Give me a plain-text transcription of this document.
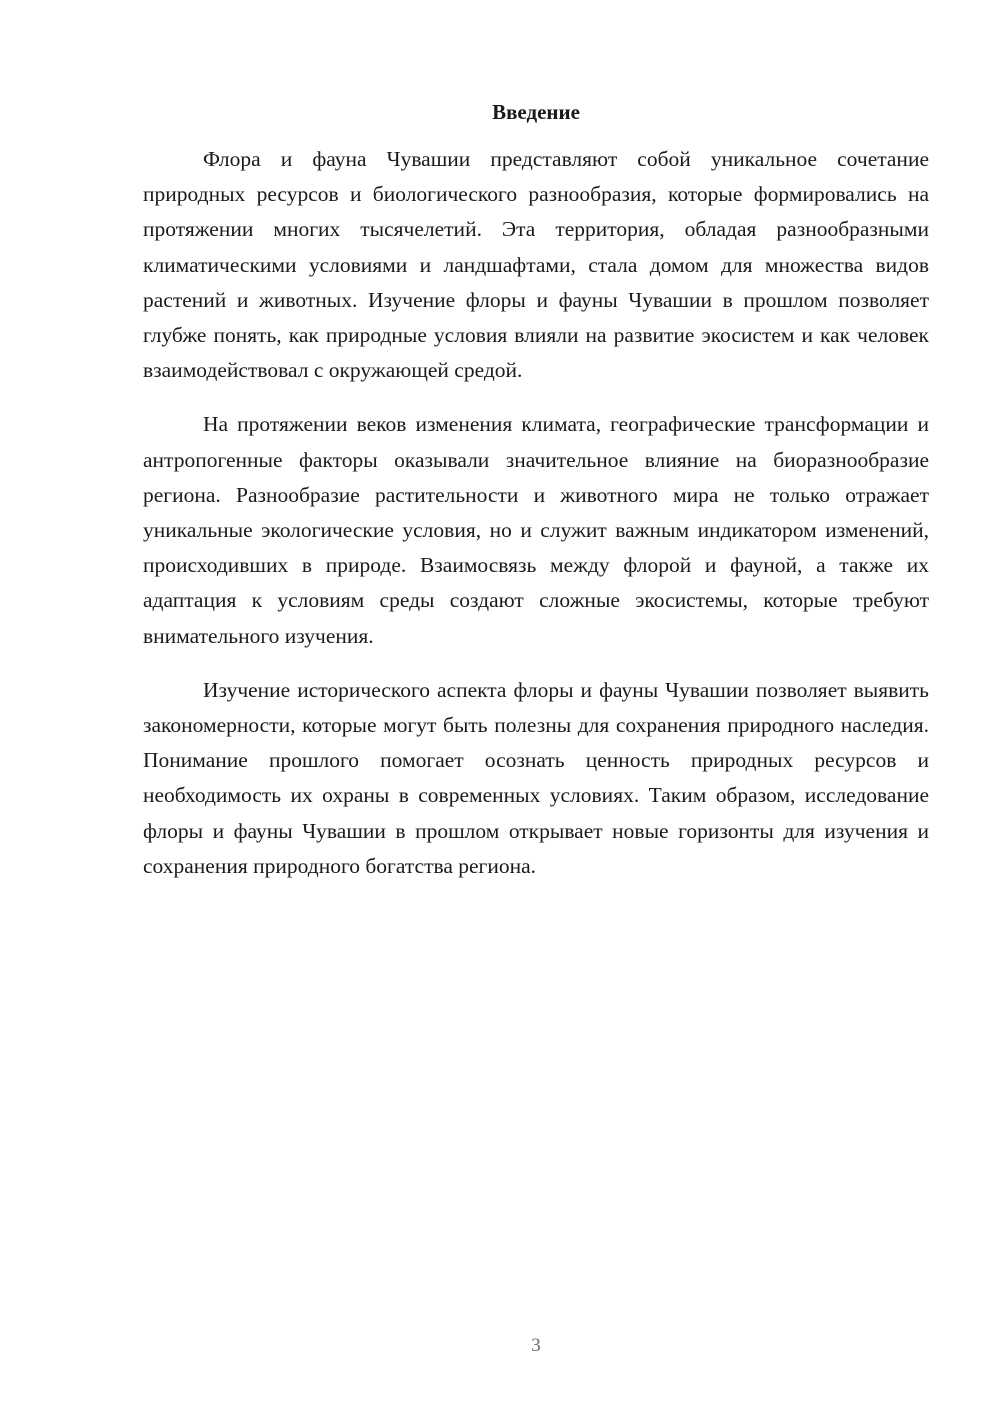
Введение

Флора и фауна Чувашии представляют собой уникальное сочетание природных ресурсов и биологического разнообразия, которые формировались на протяжении многих тысячелетий. Эта территория, обладая разнообразными климатическими условиями и ландшафтами, стала домом для множества видов растений и животных. Изучение флоры и фауны Чувашии в прошлом позволяет глубже понять, как природные условия влияли на развитие экосистем и как человек взаимодействовал с окружающей средой.

На протяжении веков изменения климата, географические трансформации и антропогенные факторы оказывали значительное влияние на биоразнообразие региона. Разнообразие растительности и животного мира не только отражает уникальные экологические условия, но и служит важным индикатором изменений, происходивших в природе. Взаимосвязь между флорой и фауной, а также их адаптация к условиям среды создают сложные экосистемы, которые требуют внимательного изучения.

Изучение исторического аспекта флоры и фауны Чувашии позволяет выявить закономерности, которые могут быть полезны для сохранения природного наследия. Понимание прошлого помогает осознать ценность природных ресурсов и необходимость их охраны в современных условиях. Таким образом, исследование флоры и фауны Чувашии в прошлом открывает новые горизонты для изучения и сохранения природного богатства региона.

3
